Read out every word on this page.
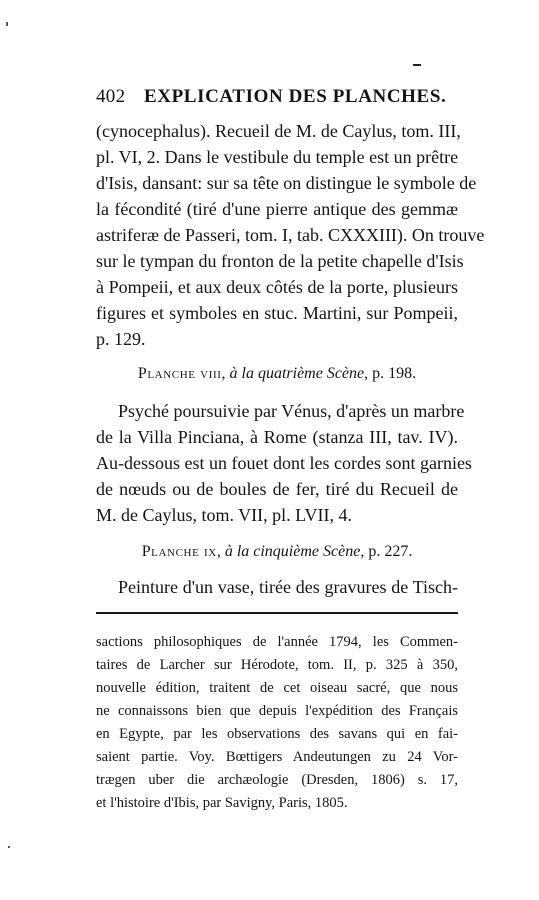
402 EXPLICATION DES PLANCHES.
(cynocephalus). Recueil de M. de Caylus, tom. III,
pl. VI, 2. Dans le vestibule du temple est un prêtre
d'Isis, dansant: sur sa tête on distingue le symbole de
la fécondité (tiré d'une pierre antique des gemmæ
astriferæ de Passeri, tom. I, tab. CXXXIII). On trouve
sur le tympan du fronton de la petite chapelle d'Isis
à Pompeii, et aux deux côtés de la porte, plusieurs
figures et symboles en stuc. Martini, sur Pompeii,
p. 129.
Planche viii, à la quatrième Scène, p. 198.
Psyché poursuivie par Vénus, d'après un marbre
de la Villa Pinciana, à Rome (stanza III, tav. IV).
Au-dessous est un fouet dont les cordes sont garnies
de nœuds ou de boules de fer, tiré du Recueil de
M. de Caylus, tom. VII, pl. LVII, 4.
Planche ix, à la cinquième Scène, p. 227.
Peinture d'un vase, tirée des gravures de Tisch-
sactions philosophiques de l'année 1794, les Commen-
taires de Larcher sur Hérodote, tom. II, p. 325 à 350,
nouvelle édition, traitent de cet oiseau sacré, que nous
ne connaissons bien que depuis l'expédition des Français
en Egypte, par les observations des savans qui en fai-
saient partie. Voy. Bœttigers Andeutungen zu 24 Vor-
trægen uber die archæologie (Dresden, 1806) s. 17,
et l'histoire d'Ibis, par Savigny, Paris, 1805.
